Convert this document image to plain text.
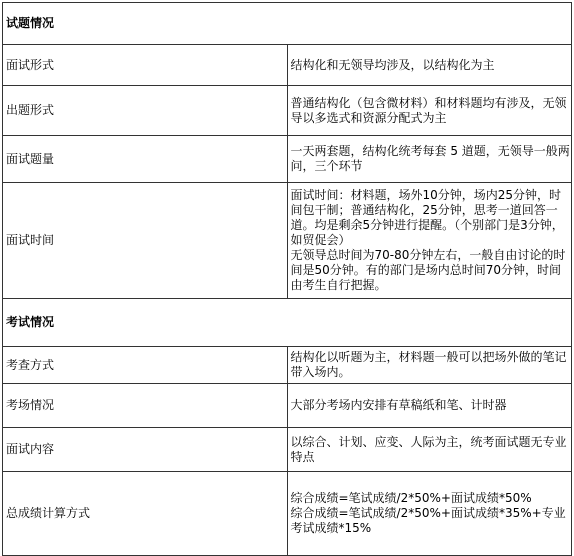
试题情况	
面试形式	结构化和无领导均涉及，以结构化为主

出题形式	普通结构化（包含微材料）和材料题均有涉及，无领导以多选式和资源分配式为主

面试题量	一天两套题，结构化统考每套 5 道题，无领导一般两问，三个环节

面试时间	面试时间：材料题，场外10分钟，场内25分钟，时间包干制；普通结构化，25分钟，思考一道回答一道。均是剩余5分钟进行提醒。（个别部门是3分钟，如贸促会）
无领导总时间为70-80分钟左右，一般自由讨论的时间是50分钟。有的部门是场内总时间70分钟，时间由考生自行把握。

考试情况	
考查方式	结构化以听题为主，材料题一般可以把场外做的笔记带入场内。

考场情况	大部分考场内安排有草稿纸和笔、计时器

面试内容	以综合、计划、应变、人际为主，统考面试题无专业特点

总成绩计算方式	综合成绩=笔试成绩/2*50%+面试成绩*50%
综合成绩=笔试成绩/2*50%+面试成绩*35%+专业考试成绩*15%
